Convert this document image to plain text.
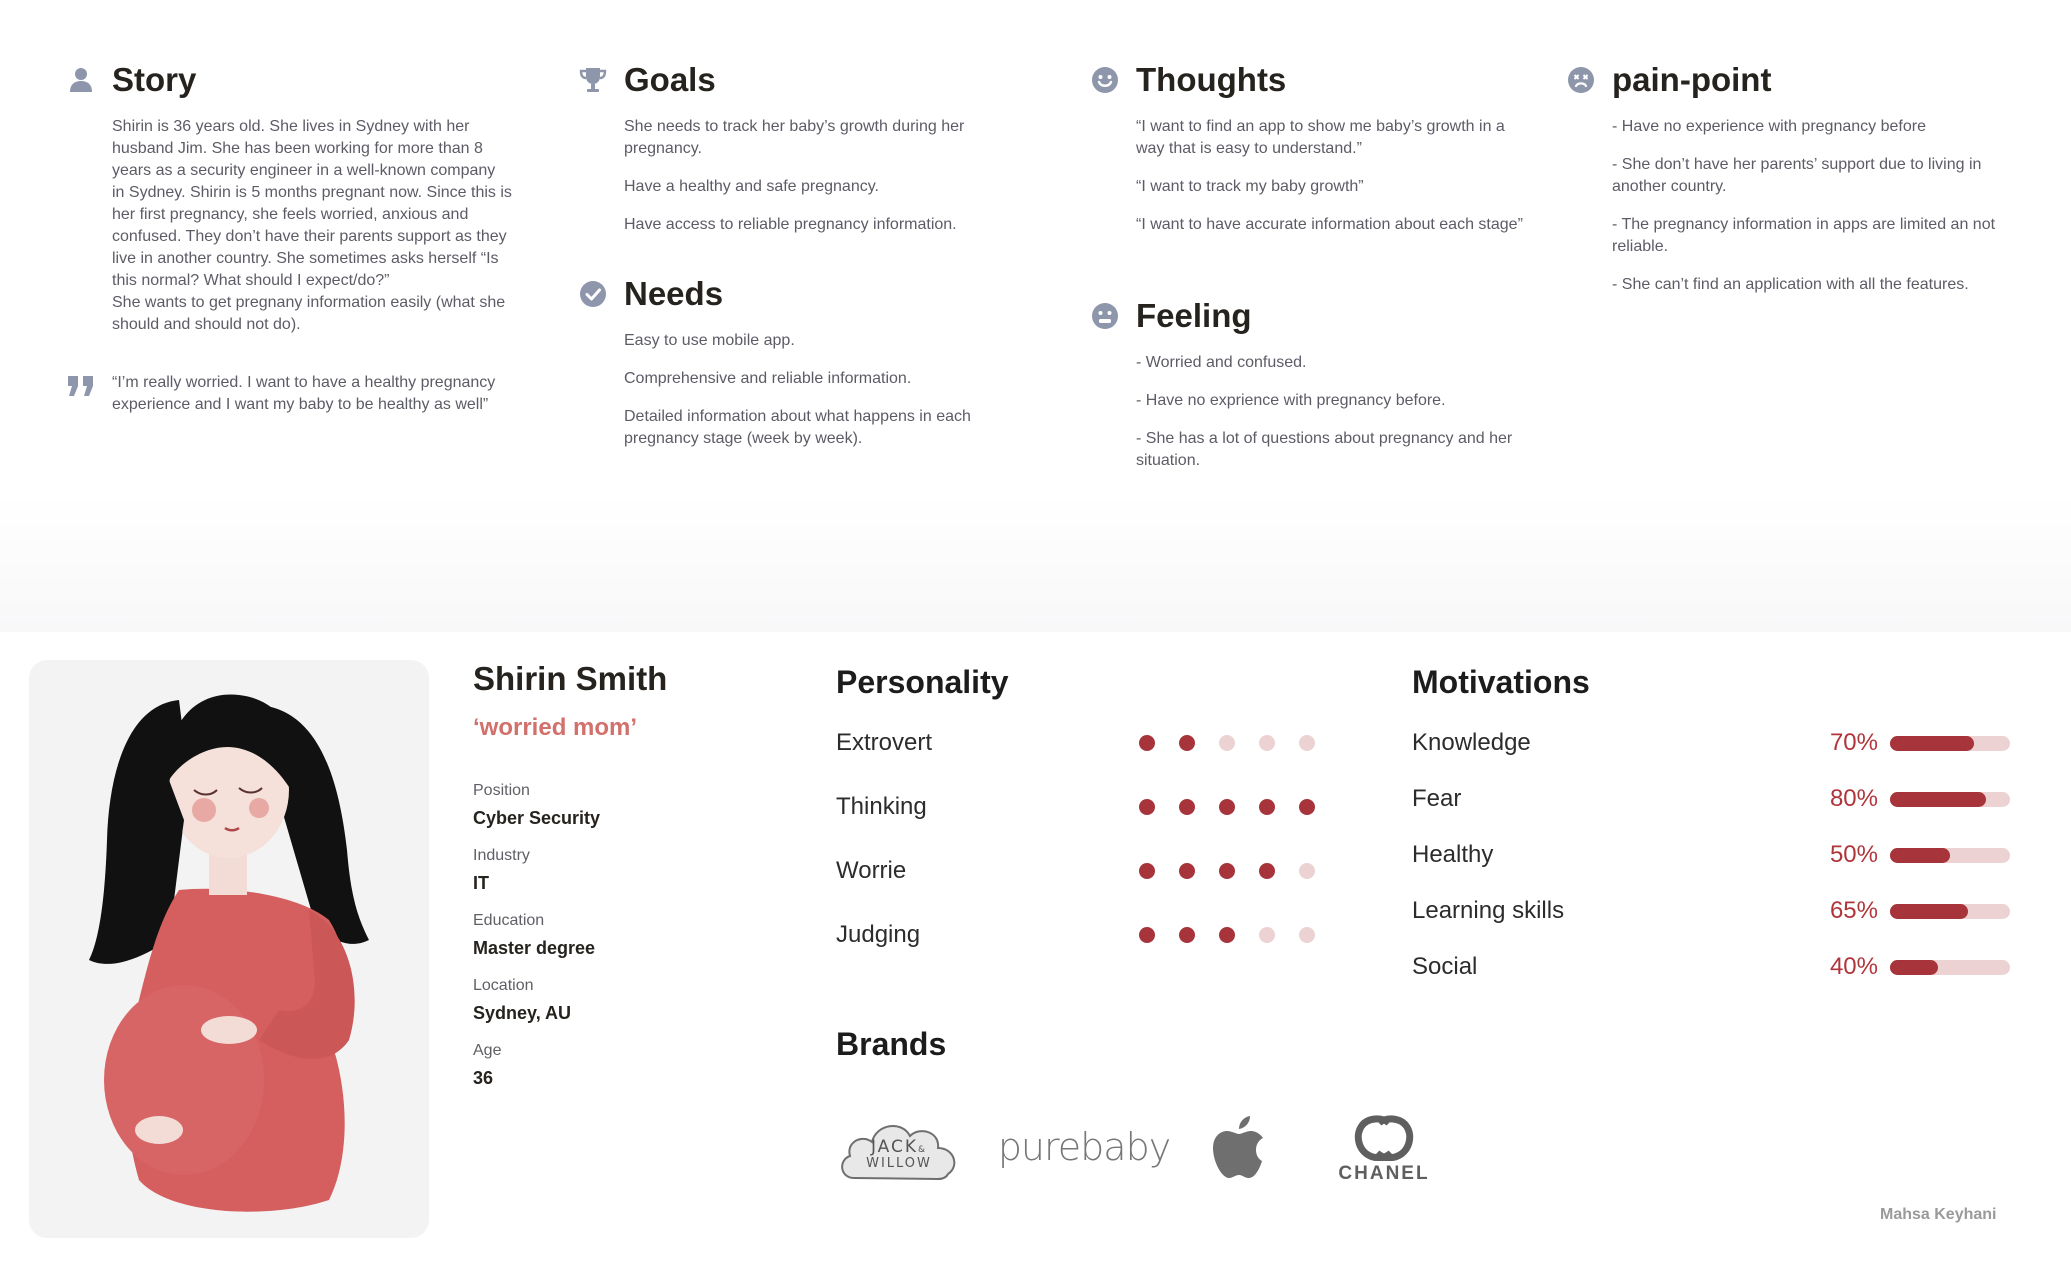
Story
Shirin is 36 years old. She lives in Sydney with her husband Jim. She has been working for more than 8 years as a security engineer in a well-known company in Sydney. Shirin is 5 months pregnant now. Since this is her first pregnancy, she feels worried, anxious and confused. They don’t have their parents support as they live in another country. She sometimes asks herself “Is this normal? What should I expect/do?”
She wants to get pregnany information easily (what she should and should not do).
“I’m really worried. I want to have a healthy pregnancy experience and I want my baby to be healthy as well”
Goals

She needs to track her baby’s growth during her pregnancy.

Have a healthy and safe pregnancy.

Have access to reliable pregnancy information.

Needs

Easy to use mobile app.

Comprehensive and reliable information.

Detailed information about what happens in each pregnancy stage (week by week).

Thoughts

“I want to find an app to show me baby’s growth in a way that is easy to understand.”

“I want to track my baby growth”

“I want to have accurate information about each stage”

Feeling

- Worried and confused.

- Have no exprience with pregnancy before.

- She has a lot of questions about pregnancy and her situation.

pain-point

- Have no experience with pregnancy before

- She don’t have her parents’ support due to living in another country.

- The pregnancy information in apps are limited an not reliable.

- She can’t find an application with all the features.

Shirin Smith
‘worried mom’
Position
Cyber Security
Industry
IT
Education
Master degree
Location
Sydney, AU
Age
36
Personality
Extrovert
Thinking
Worrie
Judging
Motivations
Knowledge	70%
Fear	80%
Healthy	50%
Learning skills	65%
Social	40%
Brands
JACK&
WILLOW purebaby
CHANEL
Mahsa Keyhani
